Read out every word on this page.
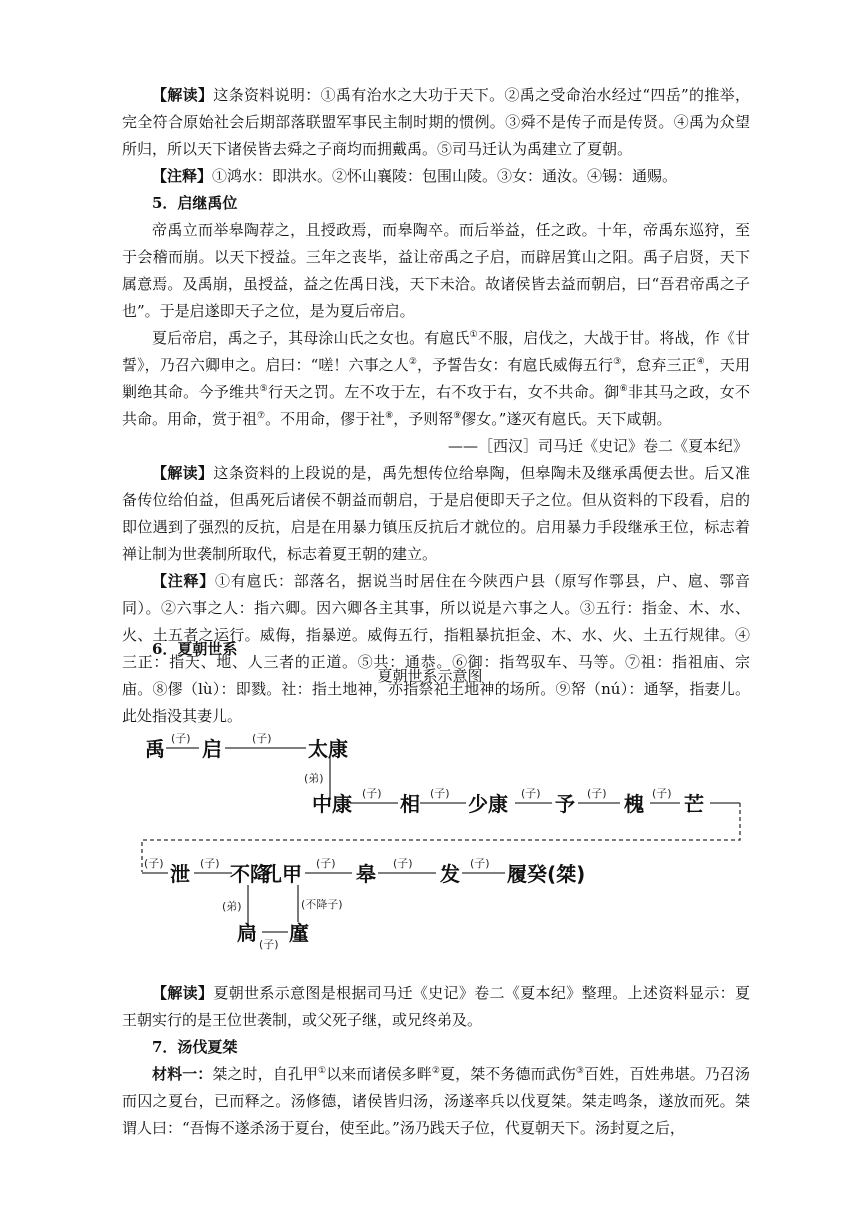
【解读】这条资料说明：①禹有治水之大功于天下。②禹之受命治水经过“四岳”的推举，完全符合原始社会后期部落联盟军事民主制时期的惯例。③舜不是传子而是传贤。④禹为众望所归，所以天下诸侯皆去舜之子商均而拥戴禹。⑤司马迁认为禹建立了夏朝。

【注释】①鸿水：即洪水。②怀山襄陵：包围山陵。③女：通汝。④锡：通赐。

5．启继禹位

帝禹立而举皋陶荐之，且授政焉，而皋陶卒。而后举益，任之政。十年，帝禹东巡狩，至于会稽而崩。以天下授益。三年之丧毕，益让帝禹之子启，而辟居箕山之阳。禹子启贤，天下属意焉。及禹崩，虽授益，益之佐禹日浅，天下未洽。故诸侯皆去益而朝启，曰“吾君帝禹之子也”。于是启遂即天子之位，是为夏后帝启。

夏后帝启，禹之子，其母涂山氏之女也。有扈氏①不服，启伐之，大战于甘。将战，作《甘誓》，乃召六卿申之。启曰：“嗟！六事之人②，予誓告女：有扈氏威侮五行③，怠弃三正④，天用剿绝其命。今予维共⑤行天之罚。左不攻于左，右不攻于右，女不共命。御⑥非其马之政，女不共命。用命，赏于祖⑦。不用命，僇于社⑧，予则帑⑨僇女。”遂灭有扈氏。天下咸朝。

——［西汉］司马迁《史记》卷二《夏本纪》

【解读】这条资料的上段说的是，禹先想传位给皋陶，但皋陶未及继承禹便去世。后又准备传位给伯益，但禹死后诸侯不朝益而朝启，于是启便即天子之位。但从资料的下段看，启的即位遇到了强烈的反抗，启是在用暴力镇压反抗后才就位的。启用暴力手段继承王位，标志着禅让制为世袭制所取代，标志着夏王朝的建立。

【注释】①有扈氏：部落名，据说当时居住在今陕西户县（原写作鄠县，户、扈、鄠音同）。②六事之人：指六卿。因六卿各主其事，所以说是六事之人。③五行：指金、木、水、火、土五者之运行。威侮，指暴逆。威侮五行，指粗暴抗拒金、木、水、火、土五行规律。④三正：指天、地、人三者的正道。⑤共：通恭。⑥御：指驾驭车、马等。⑦祖：指祖庙、宗庙。⑧僇（lù）：即戮。社：指土地神，亦指祭祀土地神的场所。⑨帑（nú）：通孥，指妻儿。此处指没其妻儿。

6．夏朝世系

夏朝世系示意图
禹 启	太康
中康 相 少康 予 槐 芒
泄 不降
孔甲	皋	发 履癸(桀)
扃 廑
(子)	(子)
(弟)
(子)	(子)	(子)	(子)	(子)
(子)	(子)	(子)	(子)	(子)
(弟)	(不降子)
(子)

【解读】夏朝世系示意图是根据司马迁《史记》卷二《夏本纪》整理。上述资料显示：夏王朝实行的是王位世袭制，或父死子继，或兄终弟及。

7．汤伐夏桀

材料一：桀之时，自孔甲①以来而诸侯多畔②夏，桀不务德而武伤③百姓，百姓弗堪。乃召汤而囚之夏台，已而释之。汤修德，诸侯皆归汤，汤遂率兵以伐夏桀。桀走鸣条，遂放而死。桀谓人曰：“吾悔不遂杀汤于夏台，使至此。”汤乃践天子位，代夏朝天下。汤封夏之后，
